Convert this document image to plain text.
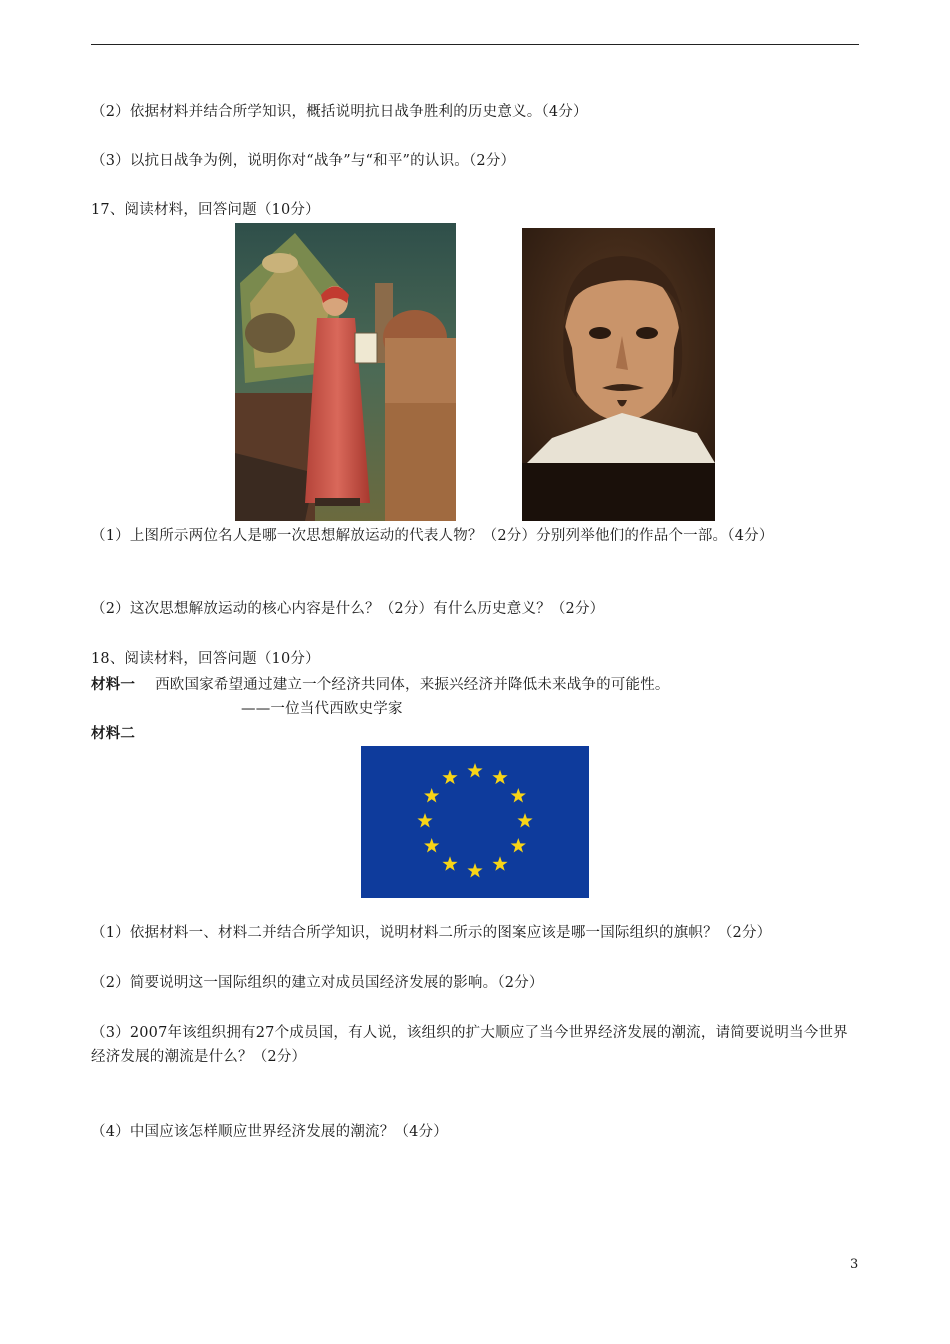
（2）依据材料并结合所学知识，概括说明抗日战争胜利的历史意义。（4分）
（3）以抗日战争为例，说明你对“战争”与“和平”的认识。（2分）
17、阅读材料，回答问题（10分）
（1）上图所示两位名人是哪一次思想解放运动的代表人物？（2分）分别列举他们的作品个一部。（4分）
（2）这次思想解放运动的核心内容是什么？（2分）有什么历史意义？（2分）
18、阅读材料，回答问题（10分）
材料一 西欧国家希望通过建立一个经济共同体，来振兴经济并降低未来战争的可能性。
——一位当代西欧史学家
材料二
（1）依据材料一、材料二并结合所学知识，说明材料二所示的图案应该是哪一国际组织的旗帜？（2分）
（2）简要说明这一国际组织的建立对成员国经济发展的影响。（2分）
（3）2007年该组织拥有27个成员国，有人说，该组织的扩大顺应了当今世界经济发展的潮流，请简要说明当今世界经济发展的潮流是什么？（2分）
（4）中国应该怎样顺应世界经济发展的潮流？（4分）
3
